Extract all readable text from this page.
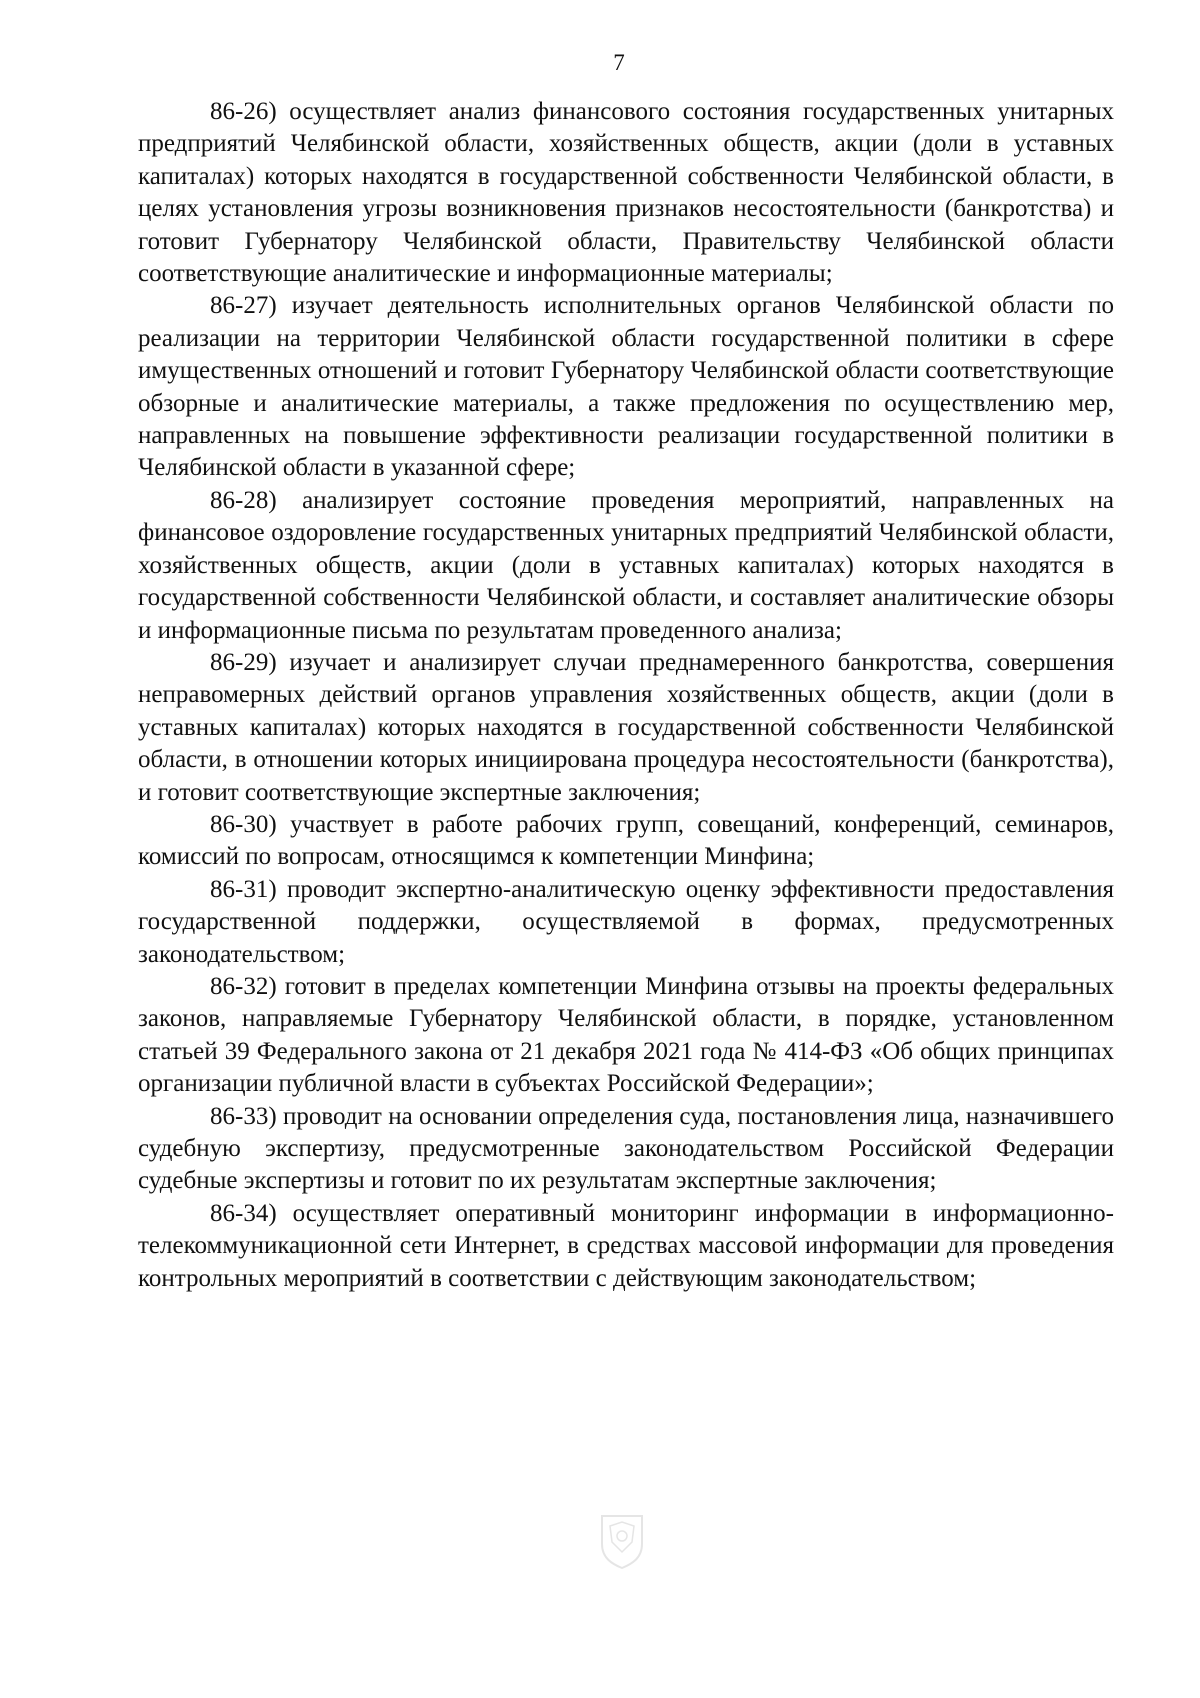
7

86-26) осуществляет анализ финансового состояния государственных унитарных предприятий Челябинской области, хозяйственных обществ, акции (доли в уставных капиталах) которых находятся в государственной собственности Челябинской области, в целях установления угрозы возникновения признаков несостоятельности (банкротства) и готовит Губернатору Челябинской области, Правительству Челябинской области соответствующие аналитические и информационные материалы;

86-27) изучает деятельность исполнительных органов Челябинской области по реализации на территории Челябинской области государственной политики в сфере имущественных отношений и готовит Губернатору Челябинской области соответствующие обзорные и аналитические материалы, а также предложения по осуществлению мер, направленных на повышение эффективности реализации государственной политики в Челябинской области в указанной сфере;

86-28) анализирует состояние проведения мероприятий, направленных на финансовое оздоровление государственных унитарных предприятий Челябинской области, хозяйственных обществ, акции (доли в уставных капиталах) которых находятся в государственной собственности Челябинской области, и составляет аналитические обзоры и информационные письма по результатам проведенного анализа;

86-29) изучает и анализирует случаи преднамеренного банкротства, совершения неправомерных действий органов управления хозяйственных обществ, акции (доли в уставных капиталах) которых находятся в государственной собственности Челябинской области, в отношении которых инициирована процедура несостоятельности (банкротства), и готовит соответствующие экспертные заключения;

86-30) участвует в работе рабочих групп, совещаний, конференций, семинаров, комиссий по вопросам, относящимся к компетенции Минфина;

86-31) проводит экспертно-аналитическую оценку эффективности предоставления государственной поддержки, осуществляемой в формах, предусмотренных законодательством;

86-32) готовит в пределах компетенции Минфина отзывы на проекты федеральных законов, направляемые Губернатору Челябинской области, в порядке, установленном статьей 39 Федерального закона от 21 декабря 2021 года № 414-ФЗ «Об общих принципах организации публичной власти в субъектах Российской Федерации»;

86-33) проводит на основании определения суда, постановления лица, назначившего судебную экспертизу, предусмотренные законодательством Российской Федерации судебные экспертизы и готовит по их результатам экспертные заключения;

86-34) осуществляет оперативный мониторинг информации в информационно-телекоммуникационной сети Интернет, в средствах массовой информации для проведения контрольных мероприятий в соответствии с действующим законодательством;
